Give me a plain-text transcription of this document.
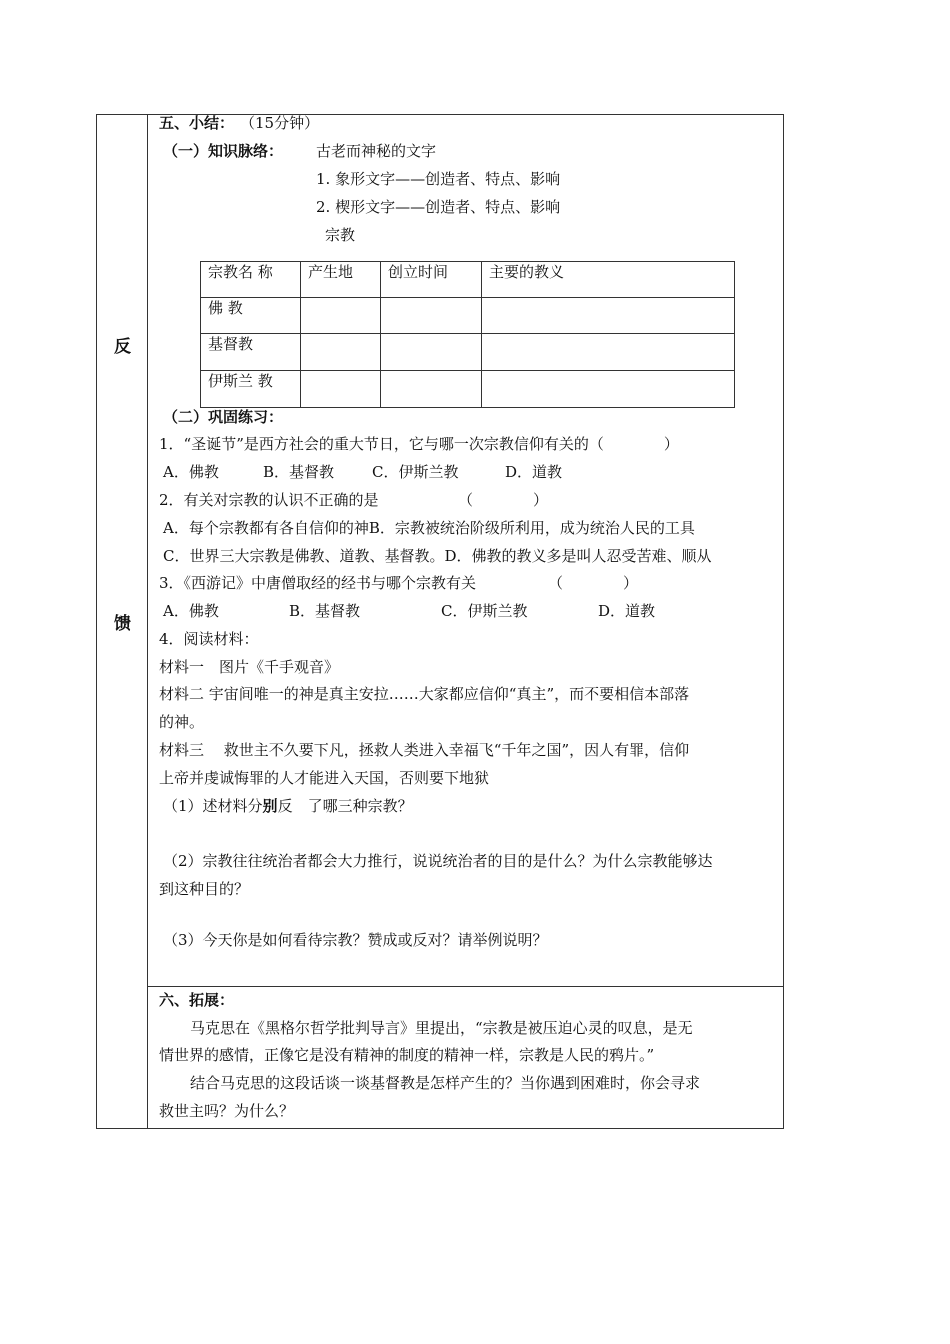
反
馈
五、小结： （15分钟）
（一）知识脉络： 古老而神秘的文字
1. 象形文字——创造者、特点、影响
2. 楔形文字——创造者、特点、影响
宗教
宗教名 称	产生地	创立时间	主要的教义
佛 教			
基督教			
伊斯兰 教			
（二）巩固练习：
1．“圣诞节”是西方社会的重大节日，它与哪一次宗教信仰有关的（　　　　）
A．佛教	B．基督教	C．伊斯兰教	D．道教
2．有关对宗教的认识不正确的是	（　　　　）
A．每个宗教都有各自信仰的神B．宗教被统治阶级所利用，成为统治人民的工具
C．世界三大宗教是佛教、道教、基督教。D．佛教的教义多是叫人忍受苦难、顺从
3．《西游记》中唐僧取经的经书与哪个宗教有关	（　　　　）
A．佛教	B．基督教	C．伊斯兰教	D．道教
4．阅读材料：
材料一　图片《千手观音》
材料二 宇宙间唯一的神是真主安拉……大家都应信仰“真主”，而不要相信本部落
的神。
材料三　 救世主不久要下凡，拯救人类进入幸福飞“千年之国”，因人有罪，信仰
上帝并虔诚悔罪的人才能进入天国，否则要下地狱
（1）述材料分别反　了哪三种宗教？
（2）宗教往往统治者都会大力推行，说说统治者的目的是什么？为什么宗教能够达
到这种目的？
（3）今天你是如何看待宗教？赞成或反对？请举例说明？
六、拓展：
马克思在《黑格尔哲学批判导言》里提出，“宗教是被压迫心灵的叹息，是无
情世界的感情，正像它是没有精神的制度的精神一样，宗教是人民的鸦片。”
结合马克思的这段话谈一谈基督教是怎样产生的？当你遇到困难时，你会寻求
救世主吗？为什么？
